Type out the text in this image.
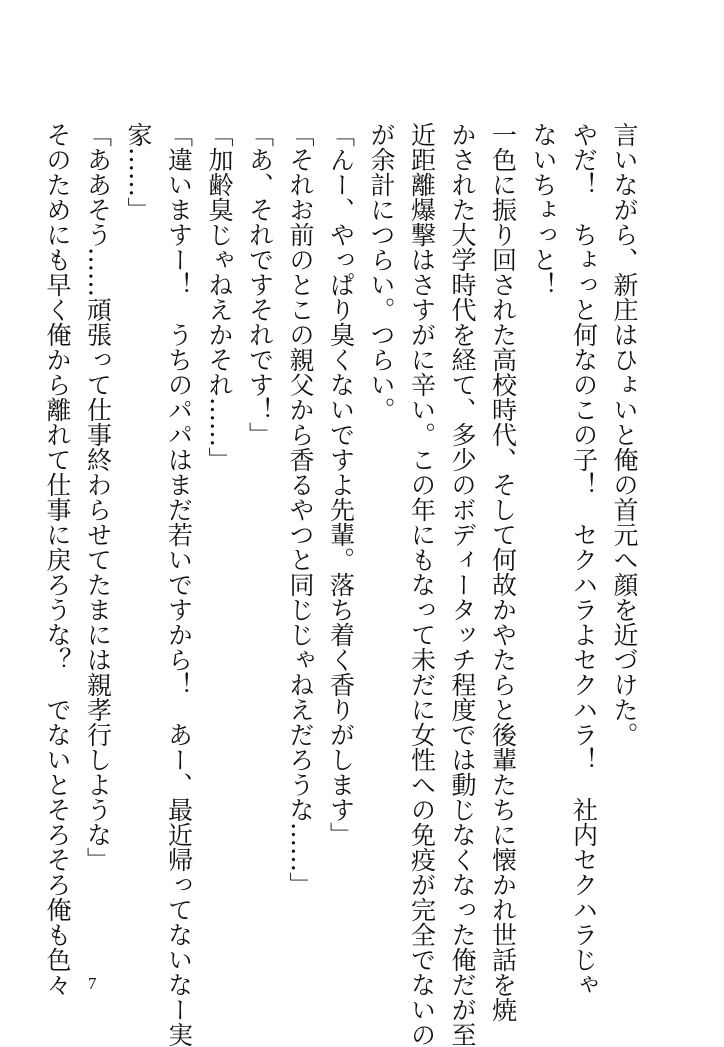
言いながら、新庄はひょいと俺の首元へ顔を近づけた。

やだ！　ちょっと何なのこの子！　セクハラよセクハラ！　社内セクハラじゃ

ないちょっと！

一色に振り回された高校時代、そして何故かやたらと後輩たちに懐かれ世話を焼

かされた大学時代を経て、多少のボディータッチ程度では動じなくなった俺だが至

近距離爆撃はさすがに辛い。この年にもなって未だに女性への免疫が完全でないの

が余計につらい。つらい。

「んー、やっぱり臭くないですよ先輩。落ち着く香りがします」

「それお前のとこの親父から香るやつと同じじゃねえだろうな……」

「あ、それですそれです！」

「加齢臭じゃねえかそれ……」

「違いますー！　うちのパパはまだ若いですから！　あー、最近帰ってないなー実

家……」

「ああそう……頑張って仕事終わらせてたまには親孝行しような」

そのためにも早く俺から離れて仕事に戻ろうな？　でないとそろそろ俺も色々 7
